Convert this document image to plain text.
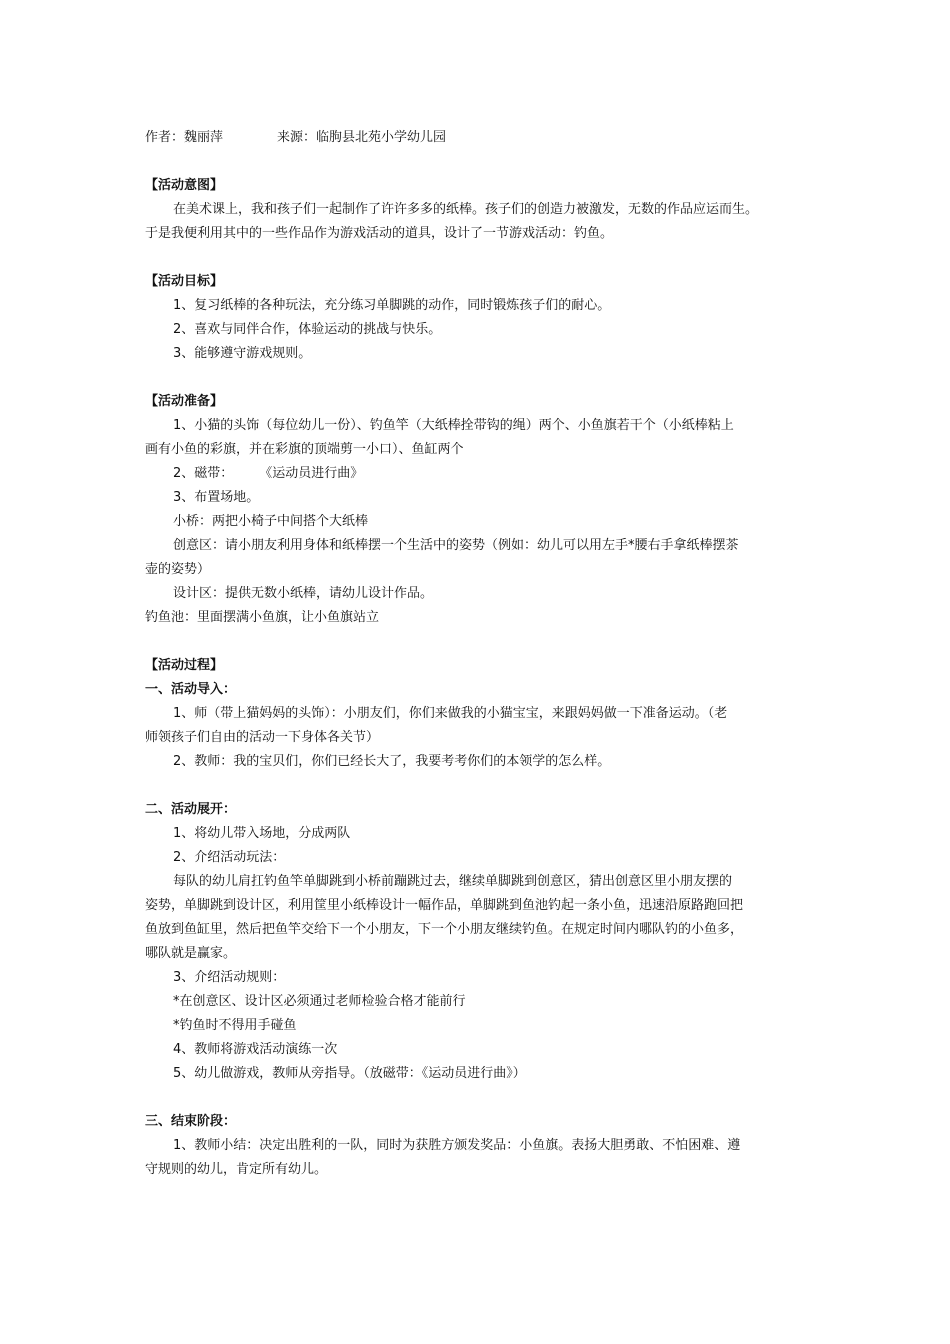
作者：魏丽萍	来源：临朐县北苑小学幼儿园
【活动意图】
在美术课上，我和孩子们一起制作了许许多多的纸棒。孩子们的创造力被激发，无数的作品应运而生。
于是我便利用其中的一些作品作为游戏活动的道具，设计了一节游戏活动：钓鱼。
【活动目标】
1、复习纸棒的各种玩法，充分练习单脚跳的动作，同时锻炼孩子们的耐心。
2、喜欢与同伴合作，体验运动的挑战与快乐。
3、能够遵守游戏规则。
【活动准备】
1、小猫的头饰（每位幼儿一份）、钓鱼竿（大纸棒拴带钩的绳）两个、小鱼旗若干个（小纸棒粘上
画有小鱼的彩旗，并在彩旗的顶端剪一小口）、鱼缸两个
2、磁带：　　　《运动员进行曲》
3、布置场地。
小桥：两把小椅子中间搭个大纸棒
创意区：请小朋友利用身体和纸棒摆一个生活中的姿势（例如：幼儿可以用左手*腰右手拿纸棒摆茶
壶的姿势）
设计区：提供无数小纸棒，请幼儿设计作品。
钓鱼池：里面摆满小鱼旗，让小鱼旗站立
【活动过程】
一、活动导入：
1、师（带上猫妈妈的头饰）：小朋友们，你们来做我的小猫宝宝，来跟妈妈做一下准备运动。（老
师领孩子们自由的活动一下身体各关节）
2、教师：我的宝贝们，你们已经长大了，我要考考你们的本领学的怎么样。
二、活动展开：
1、将幼儿带入场地，分成两队
2、介绍活动玩法：
每队的幼儿肩扛钓鱼竿单脚跳到小桥前蹦跳过去，继续单脚跳到创意区，猜出创意区里小朋友摆的
姿势，单脚跳到设计区，利用筐里小纸棒设计一幅作品，单脚跳到鱼池钓起一条小鱼，迅速沿原路跑回把
鱼放到鱼缸里，然后把鱼竿交给下一个小朋友，下一个小朋友继续钓鱼。在规定时间内哪队钓的小鱼多，
哪队就是赢家。
3、介绍活动规则：
*在创意区、设计区必须通过老师检验合格才能前行
*钓鱼时不得用手碰鱼
4、教师将游戏活动演练一次
5、幼儿做游戏，教师从旁指导。（放磁带：《运动员进行曲》）
三、结束阶段：
1、教师小结：决定出胜利的一队，同时为获胜方颁发奖品：小鱼旗。表扬大胆勇敢、不怕困难、遵
守规则的幼儿，肯定所有幼儿。
